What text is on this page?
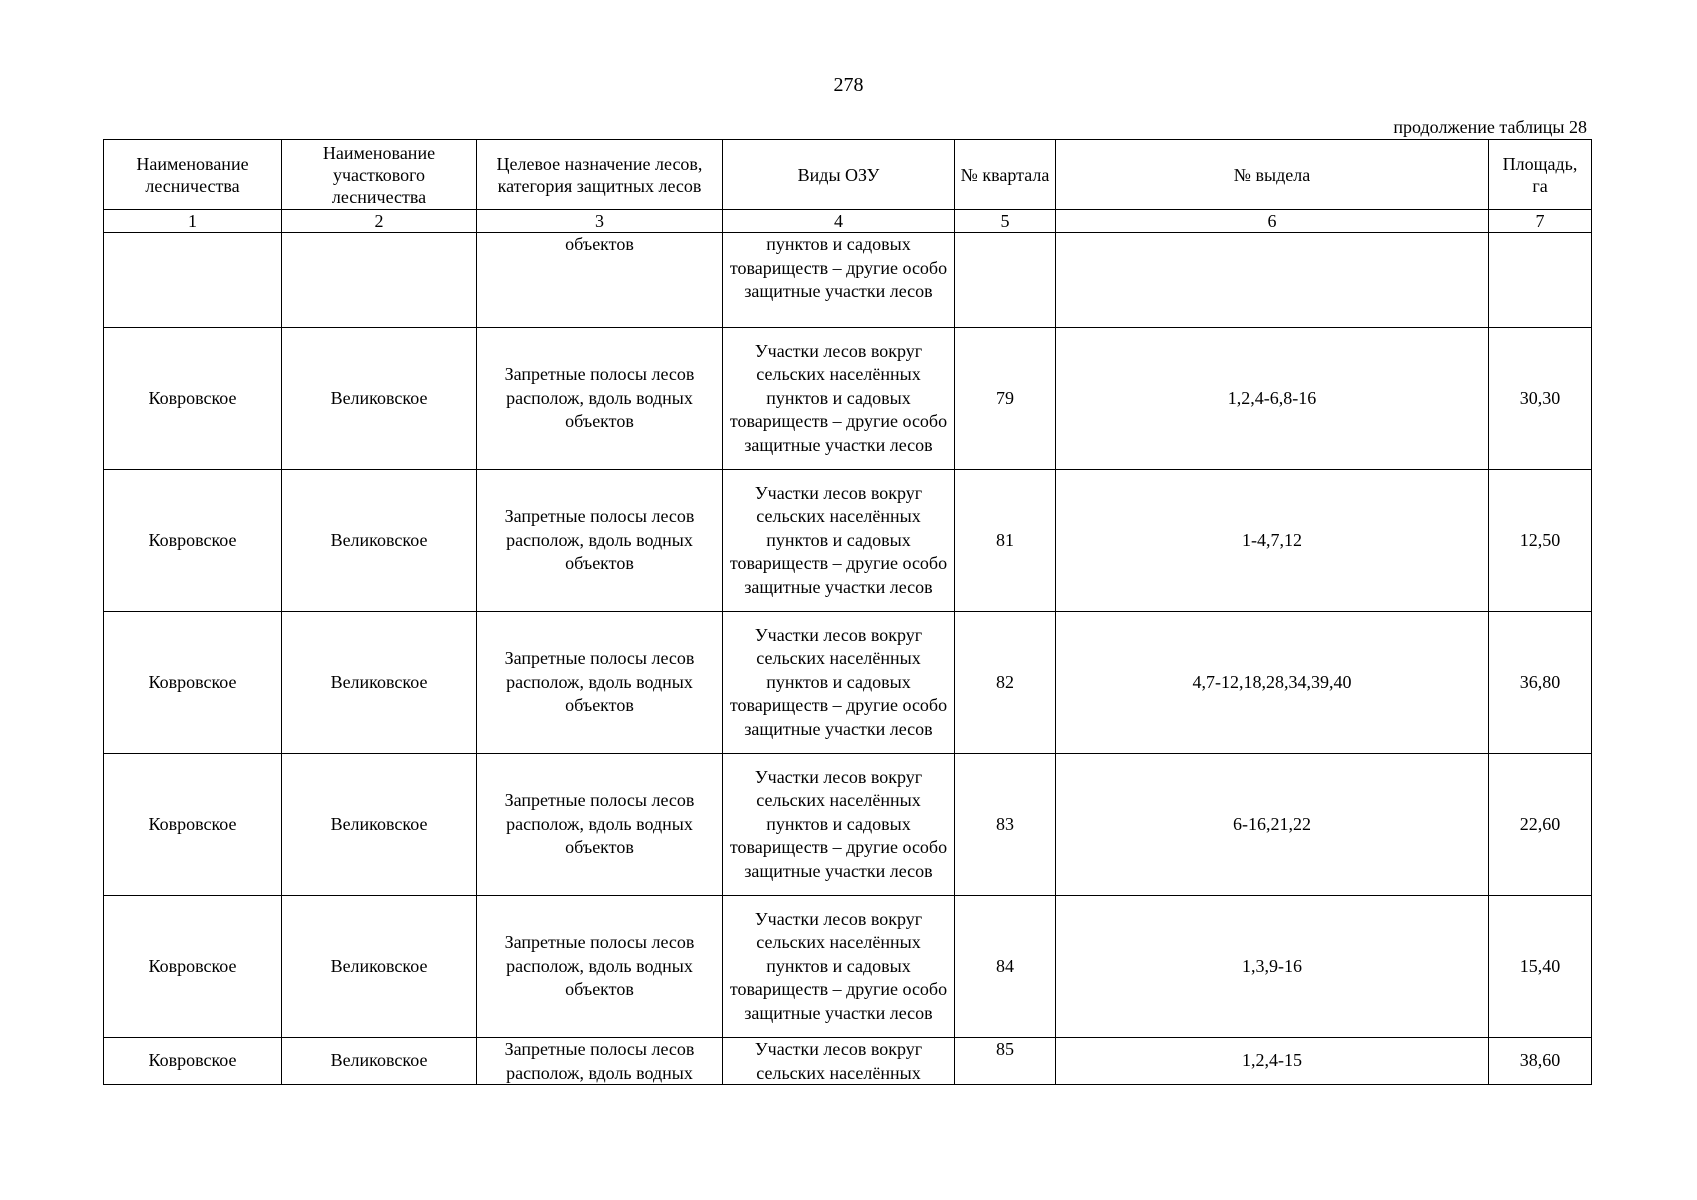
278
продолжение таблицы 28
Наименование лесничества	Наименование участкового лесничества	Целевое назначение лесов, категория защитных лесов	Виды ОЗУ	№ квартала	№ выдела	Площадь, га
1	2	3	4	5	6	7
		объектов	пунктов и садовых товариществ – другие особо защитные участки лесов			
Ковровское	Великовское	Запретные полосы лесов располож, вдоль водных объектов	Участки лесов вокруг сельских населённых пунктов и садовых товариществ – другие особо защитные участки лесов	79	1,2,4-6,8-16	30,30
Ковровское	Великовское	Запретные полосы лесов располож, вдоль водных объектов	Участки лесов вокруг сельских населённых пунктов и садовых товариществ – другие особо защитные участки лесов	81	1-4,7,12	12,50
Ковровское	Великовское	Запретные полосы лесов располож, вдоль водных объектов	Участки лесов вокруг сельских населённых пунктов и садовых товариществ – другие особо защитные участки лесов	82	4,7-12,18,28,34,39,40	36,80
Ковровское	Великовское	Запретные полосы лесов располож, вдоль водных объектов	Участки лесов вокруг сельских населённых пунктов и садовых товариществ – другие особо защитные участки лесов	83	6-16,21,22	22,60
Ковровское	Великовское	Запретные полосы лесов располож, вдоль водных объектов	Участки лесов вокруг сельских населённых пунктов и садовых товариществ – другие особо защитные участки лесов	84	1,3,9-16	15,40
Ковровское	Великовское	Запретные полосы лесов располож, вдоль водных	Участки лесов вокруг сельских населённых	85	1,2,4-15	38,60
